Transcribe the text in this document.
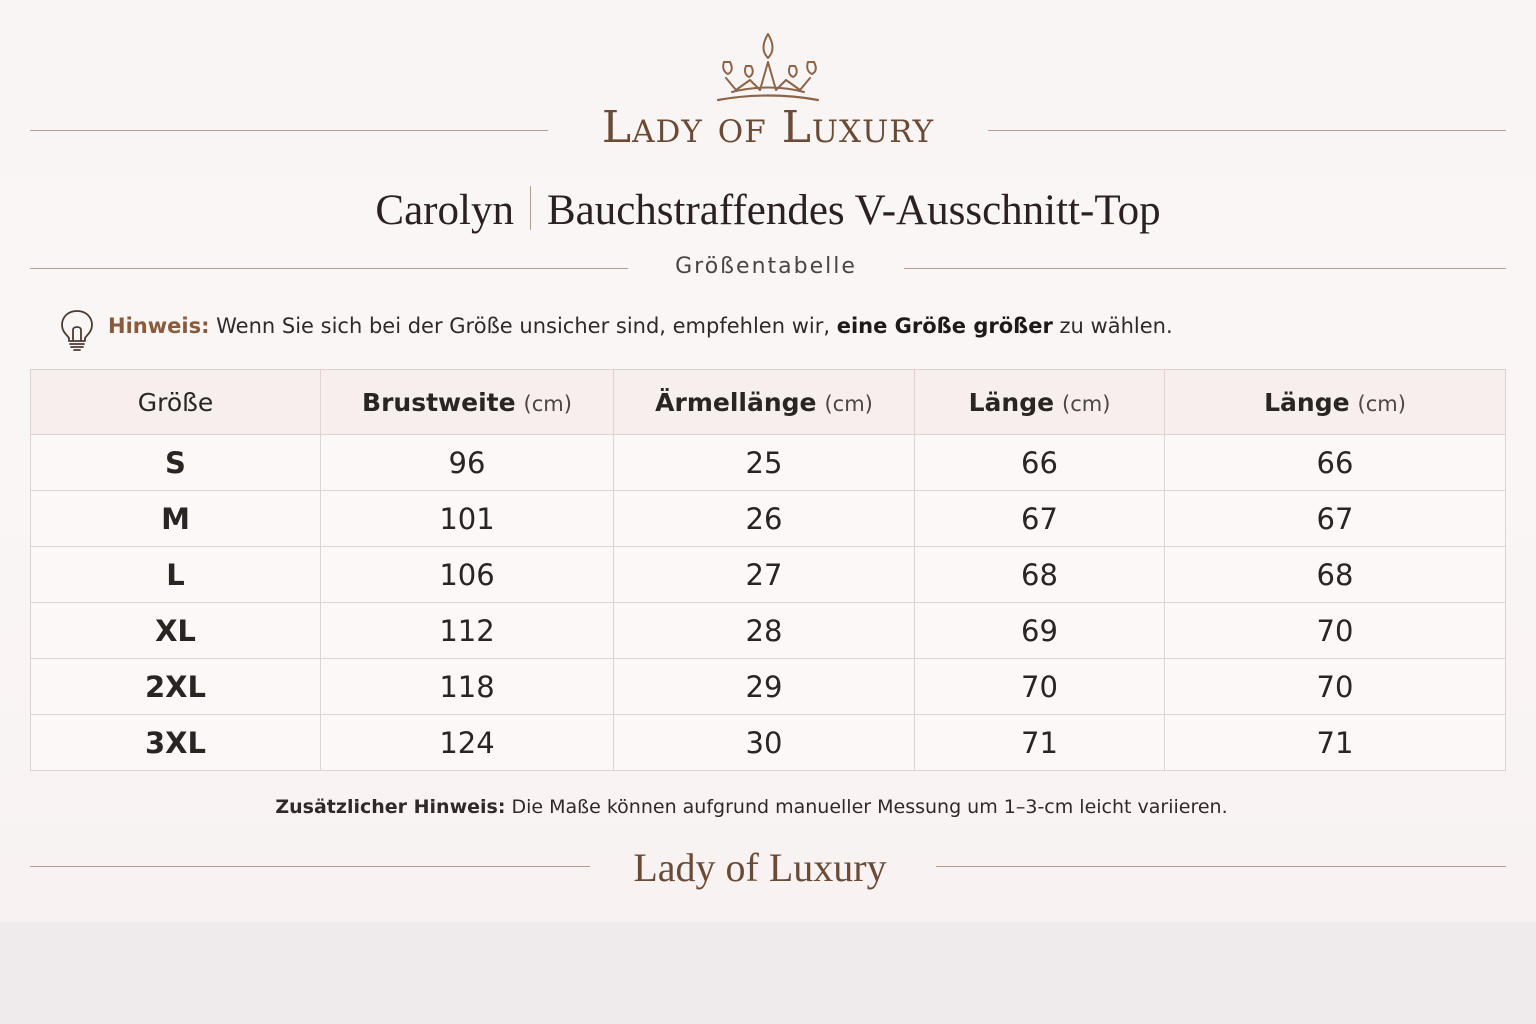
Lady of Luxury
Carolyn Bauchstraffendes V-Ausschnitt-Top
Größentabelle
Hinweis: Wenn Sie sich bei der Größe unsicher sind, empfehlen wir, eine Größe größer zu wählen.
Größe	Brustweite (cm)	Ärmellänge (cm)	Länge (cm)	Länge (cm)
S	96	25	66	66
M	101	26	67	67
L	106	27	68	68
XL	112	28	69	70
2XL	118	29	70	70
3XL	124	30	71	71
Zusätzlicher Hinweis: Die Maße können aufgrund manueller Messung um 1–3-cm leicht variieren.
Lady of Luxury
